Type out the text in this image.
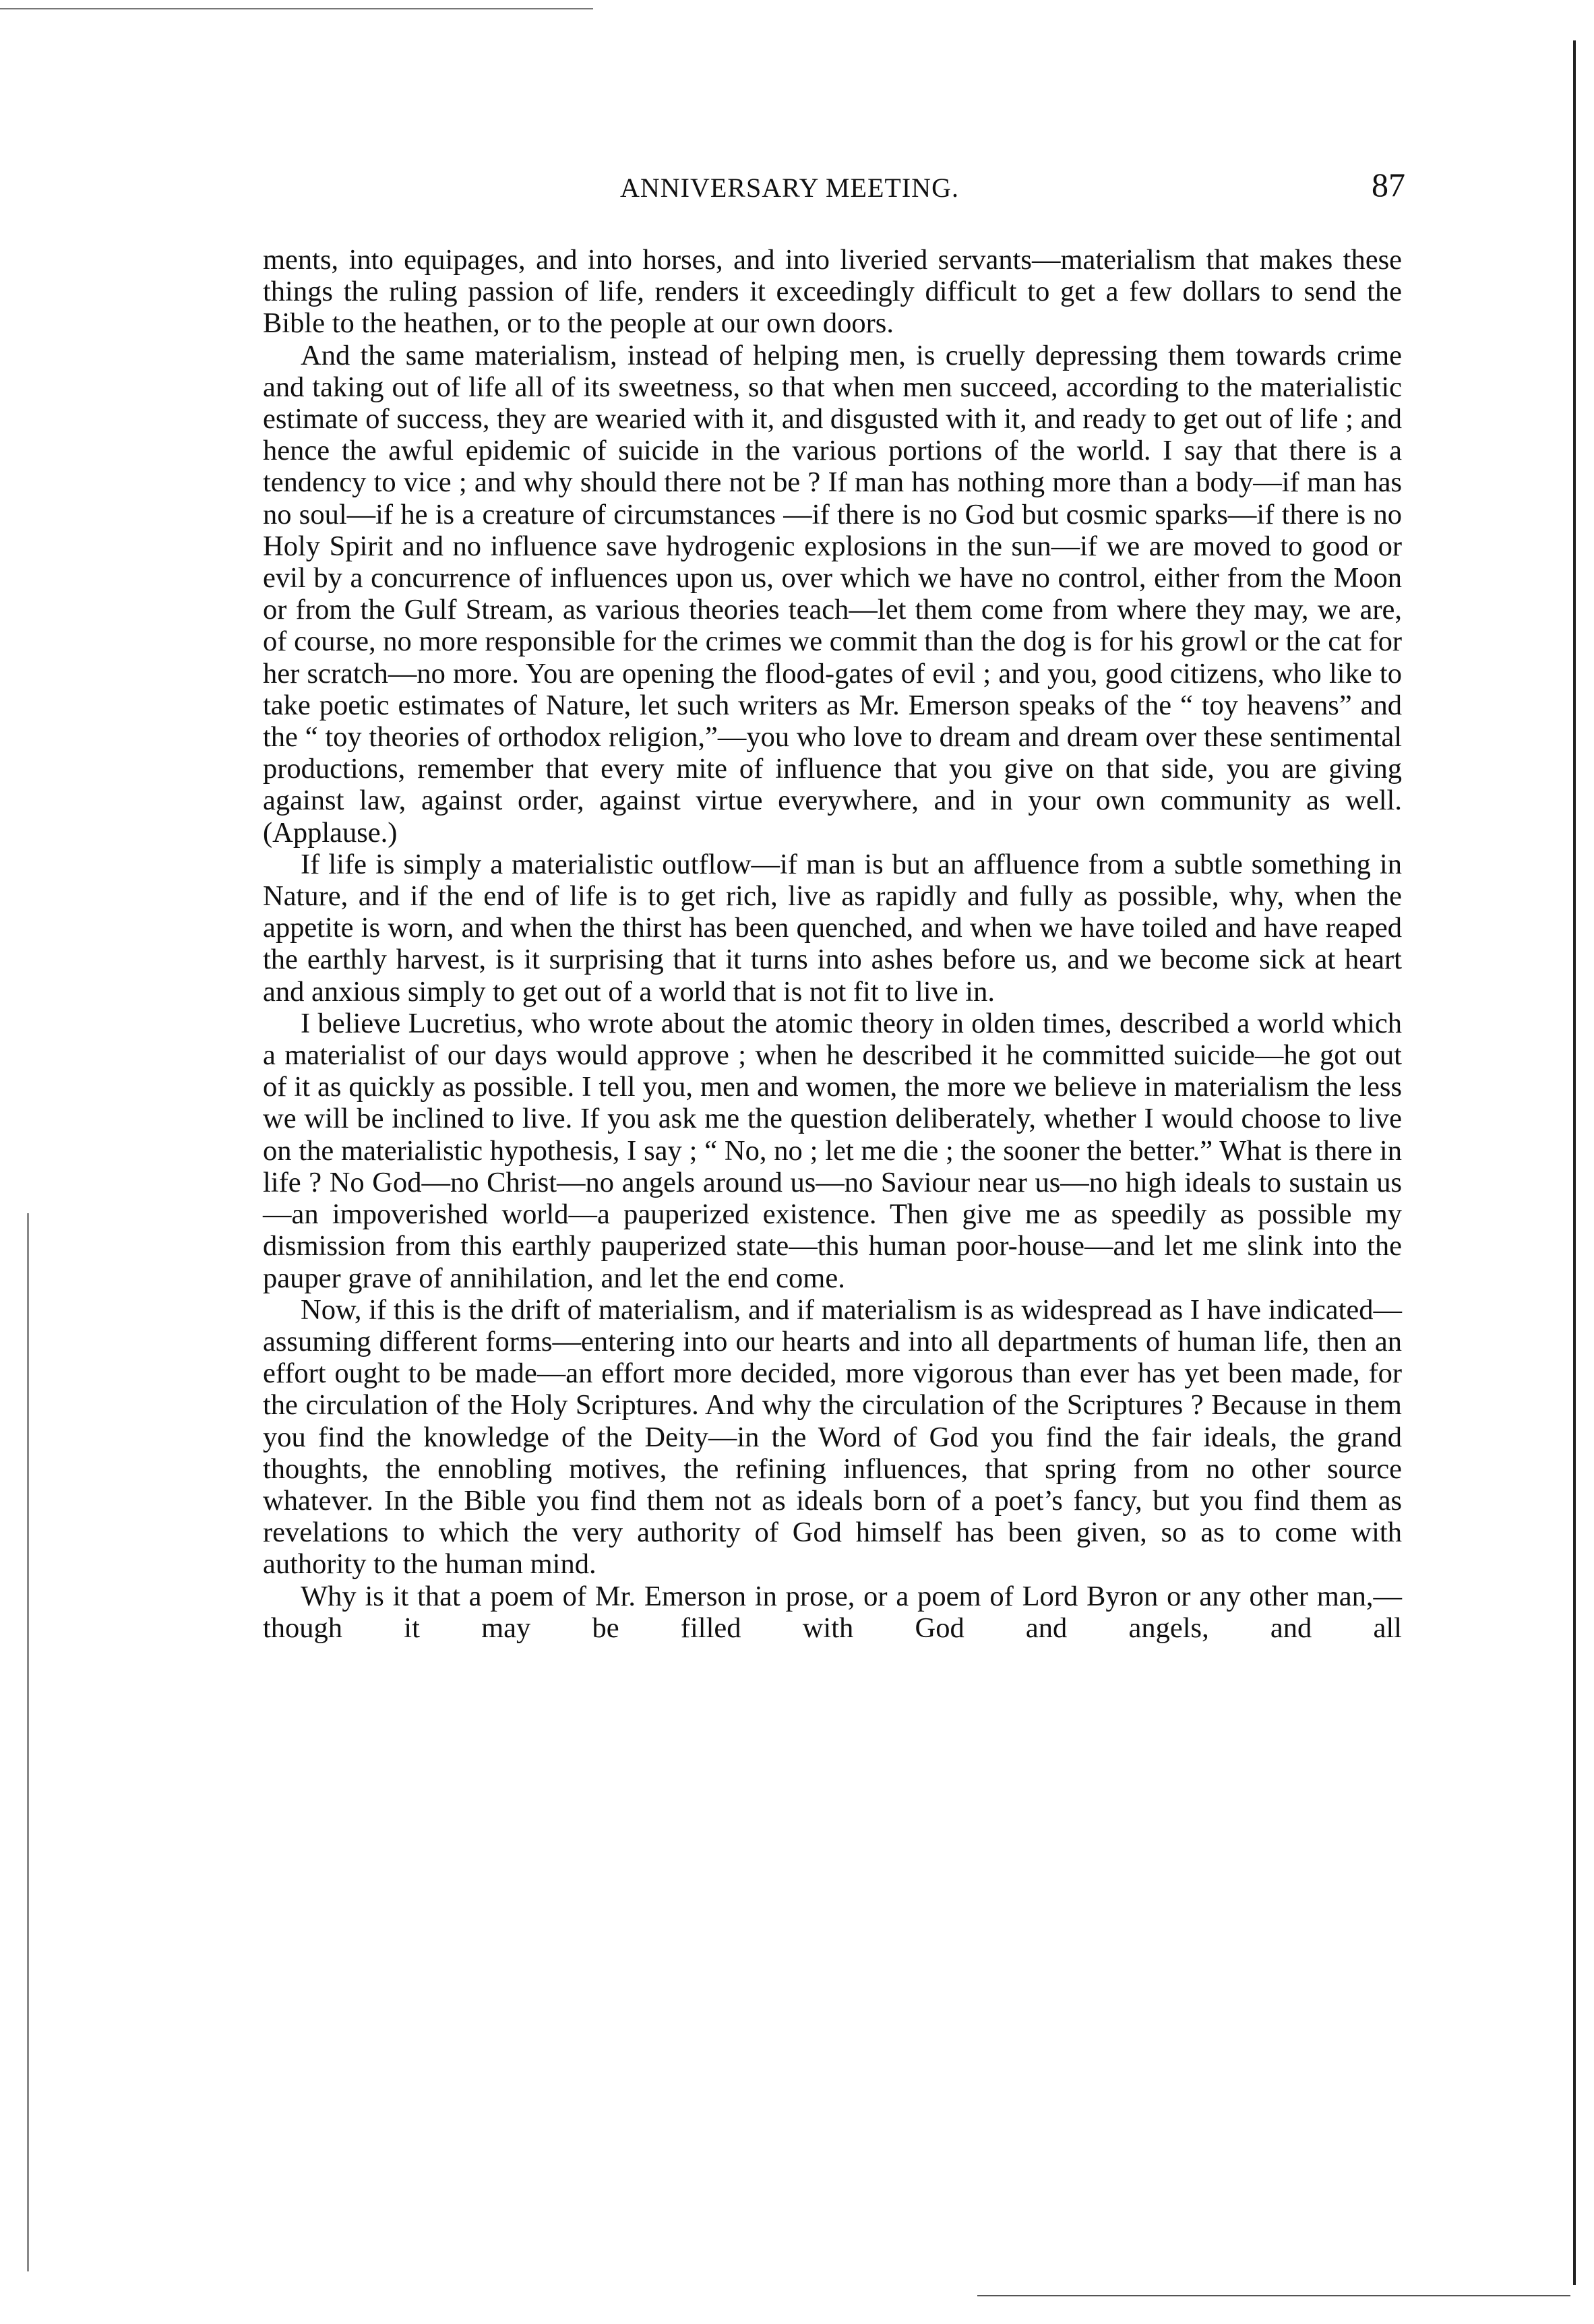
ANNIVERSARY MEETING.	87

ments, into equipages, and into horses, and into liveried servants—materialism that makes these things the ruling passion of life, renders it exceedingly difficult to get a few dollars to send the Bible to the heathen, or to the people at our own doors.

And the same materialism, instead of helping men, is cruelly depressing them towards crime and taking out of life all of its sweetness, so that when men succeed, according to the materialistic estimate of success, they are wearied with it, and disgusted with it, and ready to get out of life ; and hence the awful epidemic of suicide in the various portions of the world. I say that there is a tendency to vice ; and why should there not be ? If man has nothing more than a body—if man has no soul—if he is a creature of circumstances —if there is no God but cosmic sparks—if there is no Holy Spirit and no influence save hydrogenic explosions in the sun—if we are moved to good or evil by a concurrence of influences upon us, over which we have no control, either from the Moon or from the Gulf Stream, as various theories teach—let them come from where they may, we are, of course, no more responsible for the crimes we commit than the dog is for his growl or the cat for her scratch—no more. You are opening the flood-gates of evil ; and you, good citizens, who like to take poetic estimates of Nature, let such writers as Mr. Emerson speaks of the “ toy heavens” and the “ toy theories of orthodox religion,”—you who love to dream and dream over these sentimental productions, remember that every mite of influence that you give on that side, you are giving against law, against order, against virtue everywhere, and in your own community as well. (Applause.)

If life is simply a materialistic outflow—if man is but an affluence from a subtle something in Nature, and if the end of life is to get rich, live as rapidly and fully as possible, why, when the appetite is worn, and when the thirst has been quenched, and when we have toiled and have reaped the earthly harvest, is it surprising that it turns into ashes before us, and we become sick at heart and anxious simply to get out of a world that is not fit to live in.

I believe Lucretius, who wrote about the atomic theory in olden times, described a world which a materialist of our days would approve ; when he described it he committed suicide—he got out of it as quickly as possible. I tell you, men and women, the more we believe in materialism the less we will be inclined to live. If you ask me the question deliberately, whether I would choose to live on the materialistic hypothesis, I say ; “ No, no ; let me die ; the sooner the better.” What is there in life ? No God—no Christ—no angels around us—no Saviour near us—no high ideals to sustain us—an impoverished world—a pauperized existence. Then give me as speedily as possible my dismission from this earthly pauperized state—this human poor-house—and let me slink into the pauper grave of annihilation, and let the end come.

Now, if this is the drift of materialism, and if materialism is as widespread as I have indicated—assuming different forms—entering into our hearts and into all departments of human life, then an effort ought to be made—an effort more decided, more vigorous than ever has yet been made, for the circulation of the Holy Scriptures. And why the circulation of the Scriptures ? Because in them you find the knowledge of the Deity—in the Word of God you find the fair ideals, the grand thoughts, the ennobling motives, the refining influences, that spring from no other source whatever. In the Bible you find them not as ideals born of a poet’s fancy, but you find them as revelations to which the very authority of God himself has been given, so as to come with authority to the human mind.

Why is it that a poem of Mr. Emerson in prose, or a poem of Lord Byron or any other man,—though it may be filled with God and angels, and all
